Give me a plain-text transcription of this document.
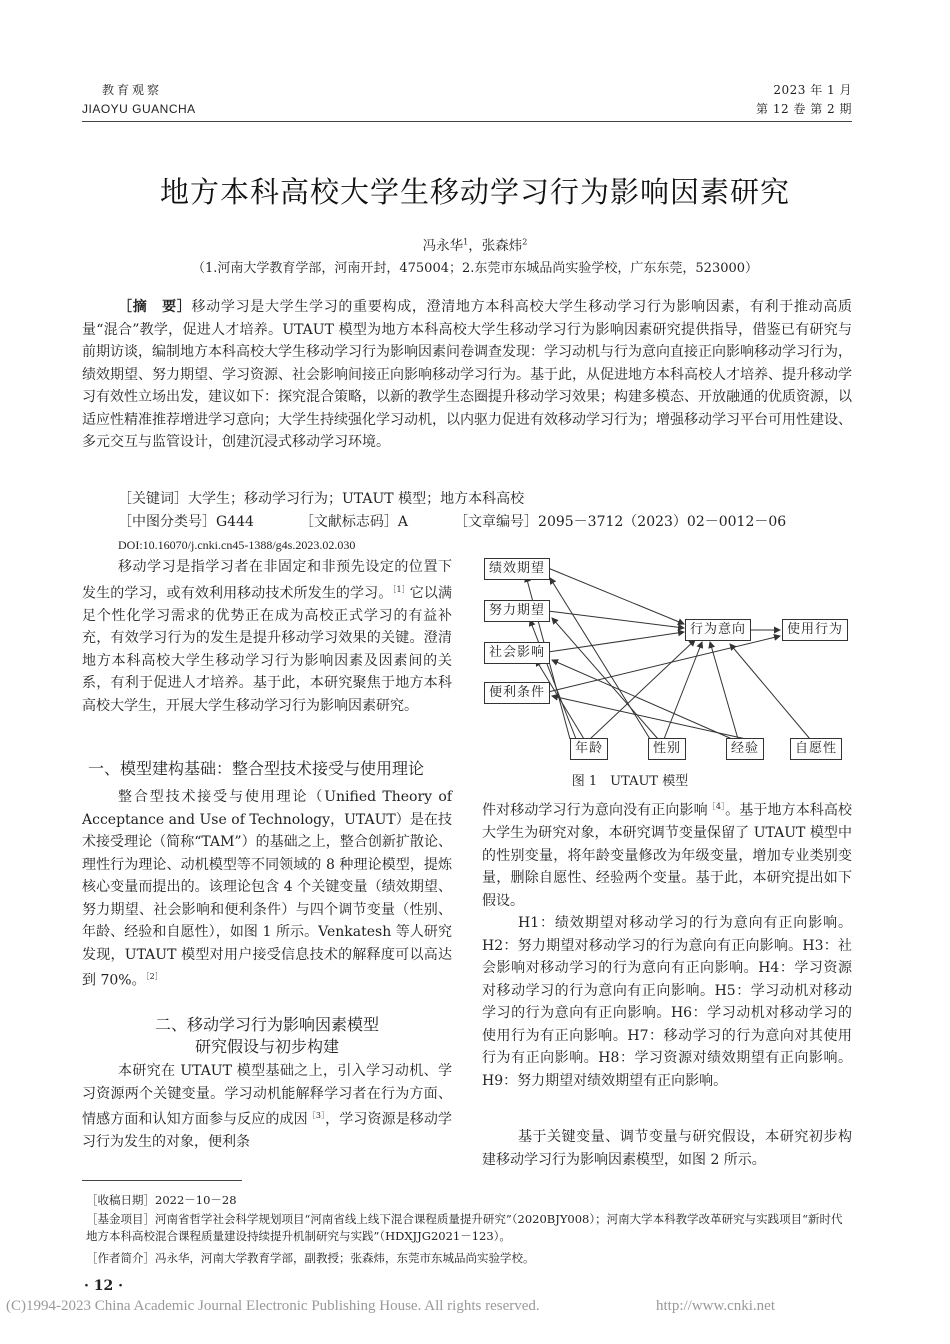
教育观察
JIAOYU GUANCHA
2023 年 1 月
第 12 卷 第 2 期
地方本科高校大学生移动学习行为影响因素研究
冯永华$^1$，张森炜$^2$
（1.河南大学教育学部，河南开封，475004；2.东莞市东城品尚实验学校，广东东莞，523000）
［摘　要］移动学习是大学生学习的重要构成，澄清地方本科高校大学生移动学习行为影响因素，有利于推动高质量“混合”教学，促进人才培养。UTAUT 模型为地方本科高校大学生移动学习行为影响因素研究提供指导，借鉴已有研究与前期访谈，编制地方本科高校大学生移动学习行为影响因素问卷调查发现：学习动机与行为意向直接正向影响移动学习行为，绩效期望、努力期望、学习资源、社会影响间接正向影响移动学习行为。基于此，从促进地方本科高校人才培养、提升移动学习有效性立场出发，建议如下：探究混合策略，以新的教学生态圈提升移动学习效果；构建多模态、开放融通的优质资源，以适应性精准推荐增进学习意向；大学生持续强化学习动机，以内驱力促进有效移动学习行为；增强移动学习平台可用性建设、多元交互与监管设计，创建沉浸式移动学习环境。
［关键词］大学生；移动学习行为；UTAUT 模型；地方本科高校
［中图分类号］G444	［文献标志码］A	［文章编号］2095－3712（2023）02－0012－06
DOI:10.16070/j.cnki.cn45-1388/g4s.2023.02.030
移动学习是指学习者在非固定和非预先设定的位置下发生的学习，或有效利用移动技术所发生的学习。$^{[1]}$它以满足个性化学习需求的优势正在成为高校正式学习的有益补充，有效学习行为的发生是提升移动学习效果的关键。澄清地方本科高校大学生移动学习行为影响因素及因素间的关系，有利于促进人才培养。基于此，本研究聚焦于地方本科高校大学生，开展大学生移动学习行为影响因素研究。
一、模型建构基础：整合型技术接受与使用理论
整合型技术接受与使用理论（Unified Theory of Acceptance and Use of Technology，UTAUT）是在技术接受理论（简称“TAM”）的基础之上，整合创新扩散论、理性行为理论、动机模型等不同领域的 8 种理论模型，提炼核心变量而提出的。该理论包含 4 个关键变量（绩效期望、努力期望、社会影响和便利条件）与四个调节变量（性别、年龄、经验和自愿性），如图 1 所示。Venkatesh 等人研究发现，UTAUT 模型对用户接受信息技术的解释度可以高达到 70%。$^{[2]}$
二、移动学习行为影响因素模型
研究假设与初步构建
本研究在 UTAUT 模型基础之上，引入学习动机、学习资源两个关键变量。学习动机能解释学习者在行为方面、情感方面和认知方面参与反应的成因$^{[3]}$，学习资源是移动学习行为发生的对象，便利条
绩效期望
努力期望
社会影响
便利条件
行为意向	使用行为
年龄	性别	经验	自愿性
图 1　UTAUT 模型
件对移动学习行为意向没有正向影响$^{[4]}$。基于地方本科高校大学生为研究对象，本研究调节变量保留了 UTAUT 模型中的性别变量，将年龄变量修改为年级变量，增加专业类别变量，删除自愿性、经验两个变量。基于此，本研究提出如下假设。
H1：绩效期望对移动学习的行为意向有正向影响。H2：努力期望对移动学习的行为意向有正向影响。H3：社会影响对移动学习的行为意向有正向影响。H4：学习资源对移动学习的行为意向有正向影响。H5：学习动机对移动学习的行为意向有正向影响。H6：学习动机对移动学习的使用行为有正向影响。H7：移动学习的行为意向对其使用行为有正向影响。H8：学习资源对绩效期望有正向影响。H9：努力期望对绩效期望有正向影响。
基于关键变量、调节变量与研究假设，本研究初步构建移动学习行为影响因素模型，如图 2 所示。
［收稿日期］2022－10－28
［基金项目］河南省哲学社会科学规划项目“河南省线上线下混合课程质量提升研究”（2020BJY008）；河南大学本科教学改革研究与实践项目“新时代地方本科高校混合课程质量建设持续提升机制研究与实践”（HDXJJG2021－123）。
［作者简介］冯永华，河南大学教育学部，副教授；张森炜，东莞市东城品尚实验学校。
· 12 ·
(C)1994-2023 China Academic Journal Electronic Publishing House. All rights reserved.	http://www.cnki.net
